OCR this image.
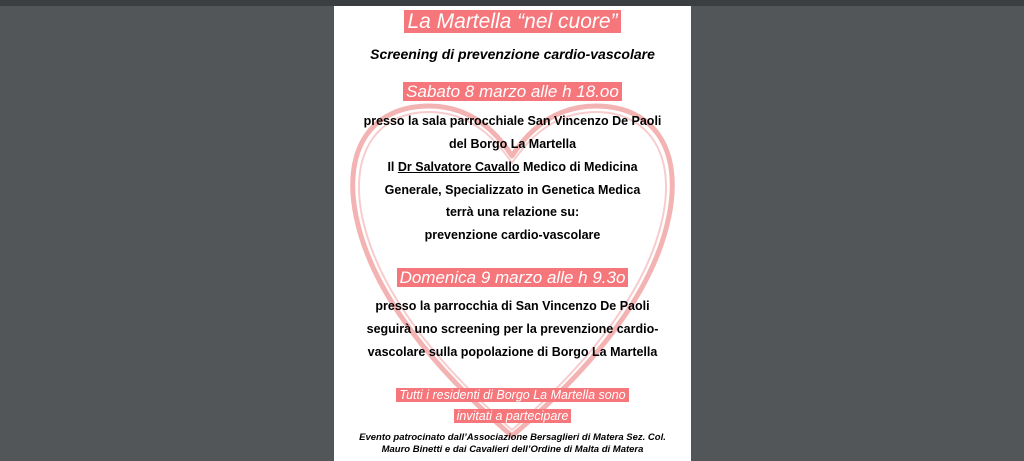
La Martella “nel cuore”
Screening di prevenzione cardio-vascolare
Sabato 8 marzo alle h 18.oo
presso la sala parrocchiale San Vincenzo De Paoli
del Borgo La Martella
Il Dr Salvatore Cavallo Medico di Medicina
Generale, Specializzato in Genetica Medica
terrà una relazione su:
prevenzione cardio-vascolare
Domenica 9 marzo alle h 9.3o
presso la parrocchia di San Vincenzo De Paoli
seguirà uno screening per la prevenzione cardio-
vascolare sulla popolazione di Borgo La Martella
Tutti i residenti di Borgo La Martella sono
invitati a partecipare
Evento patrocinato dall’Associazione Bersaglieri di Matera Sez. Col.
Mauro Binetti e dai Cavalieri dell’Ordine di Malta di Matera
